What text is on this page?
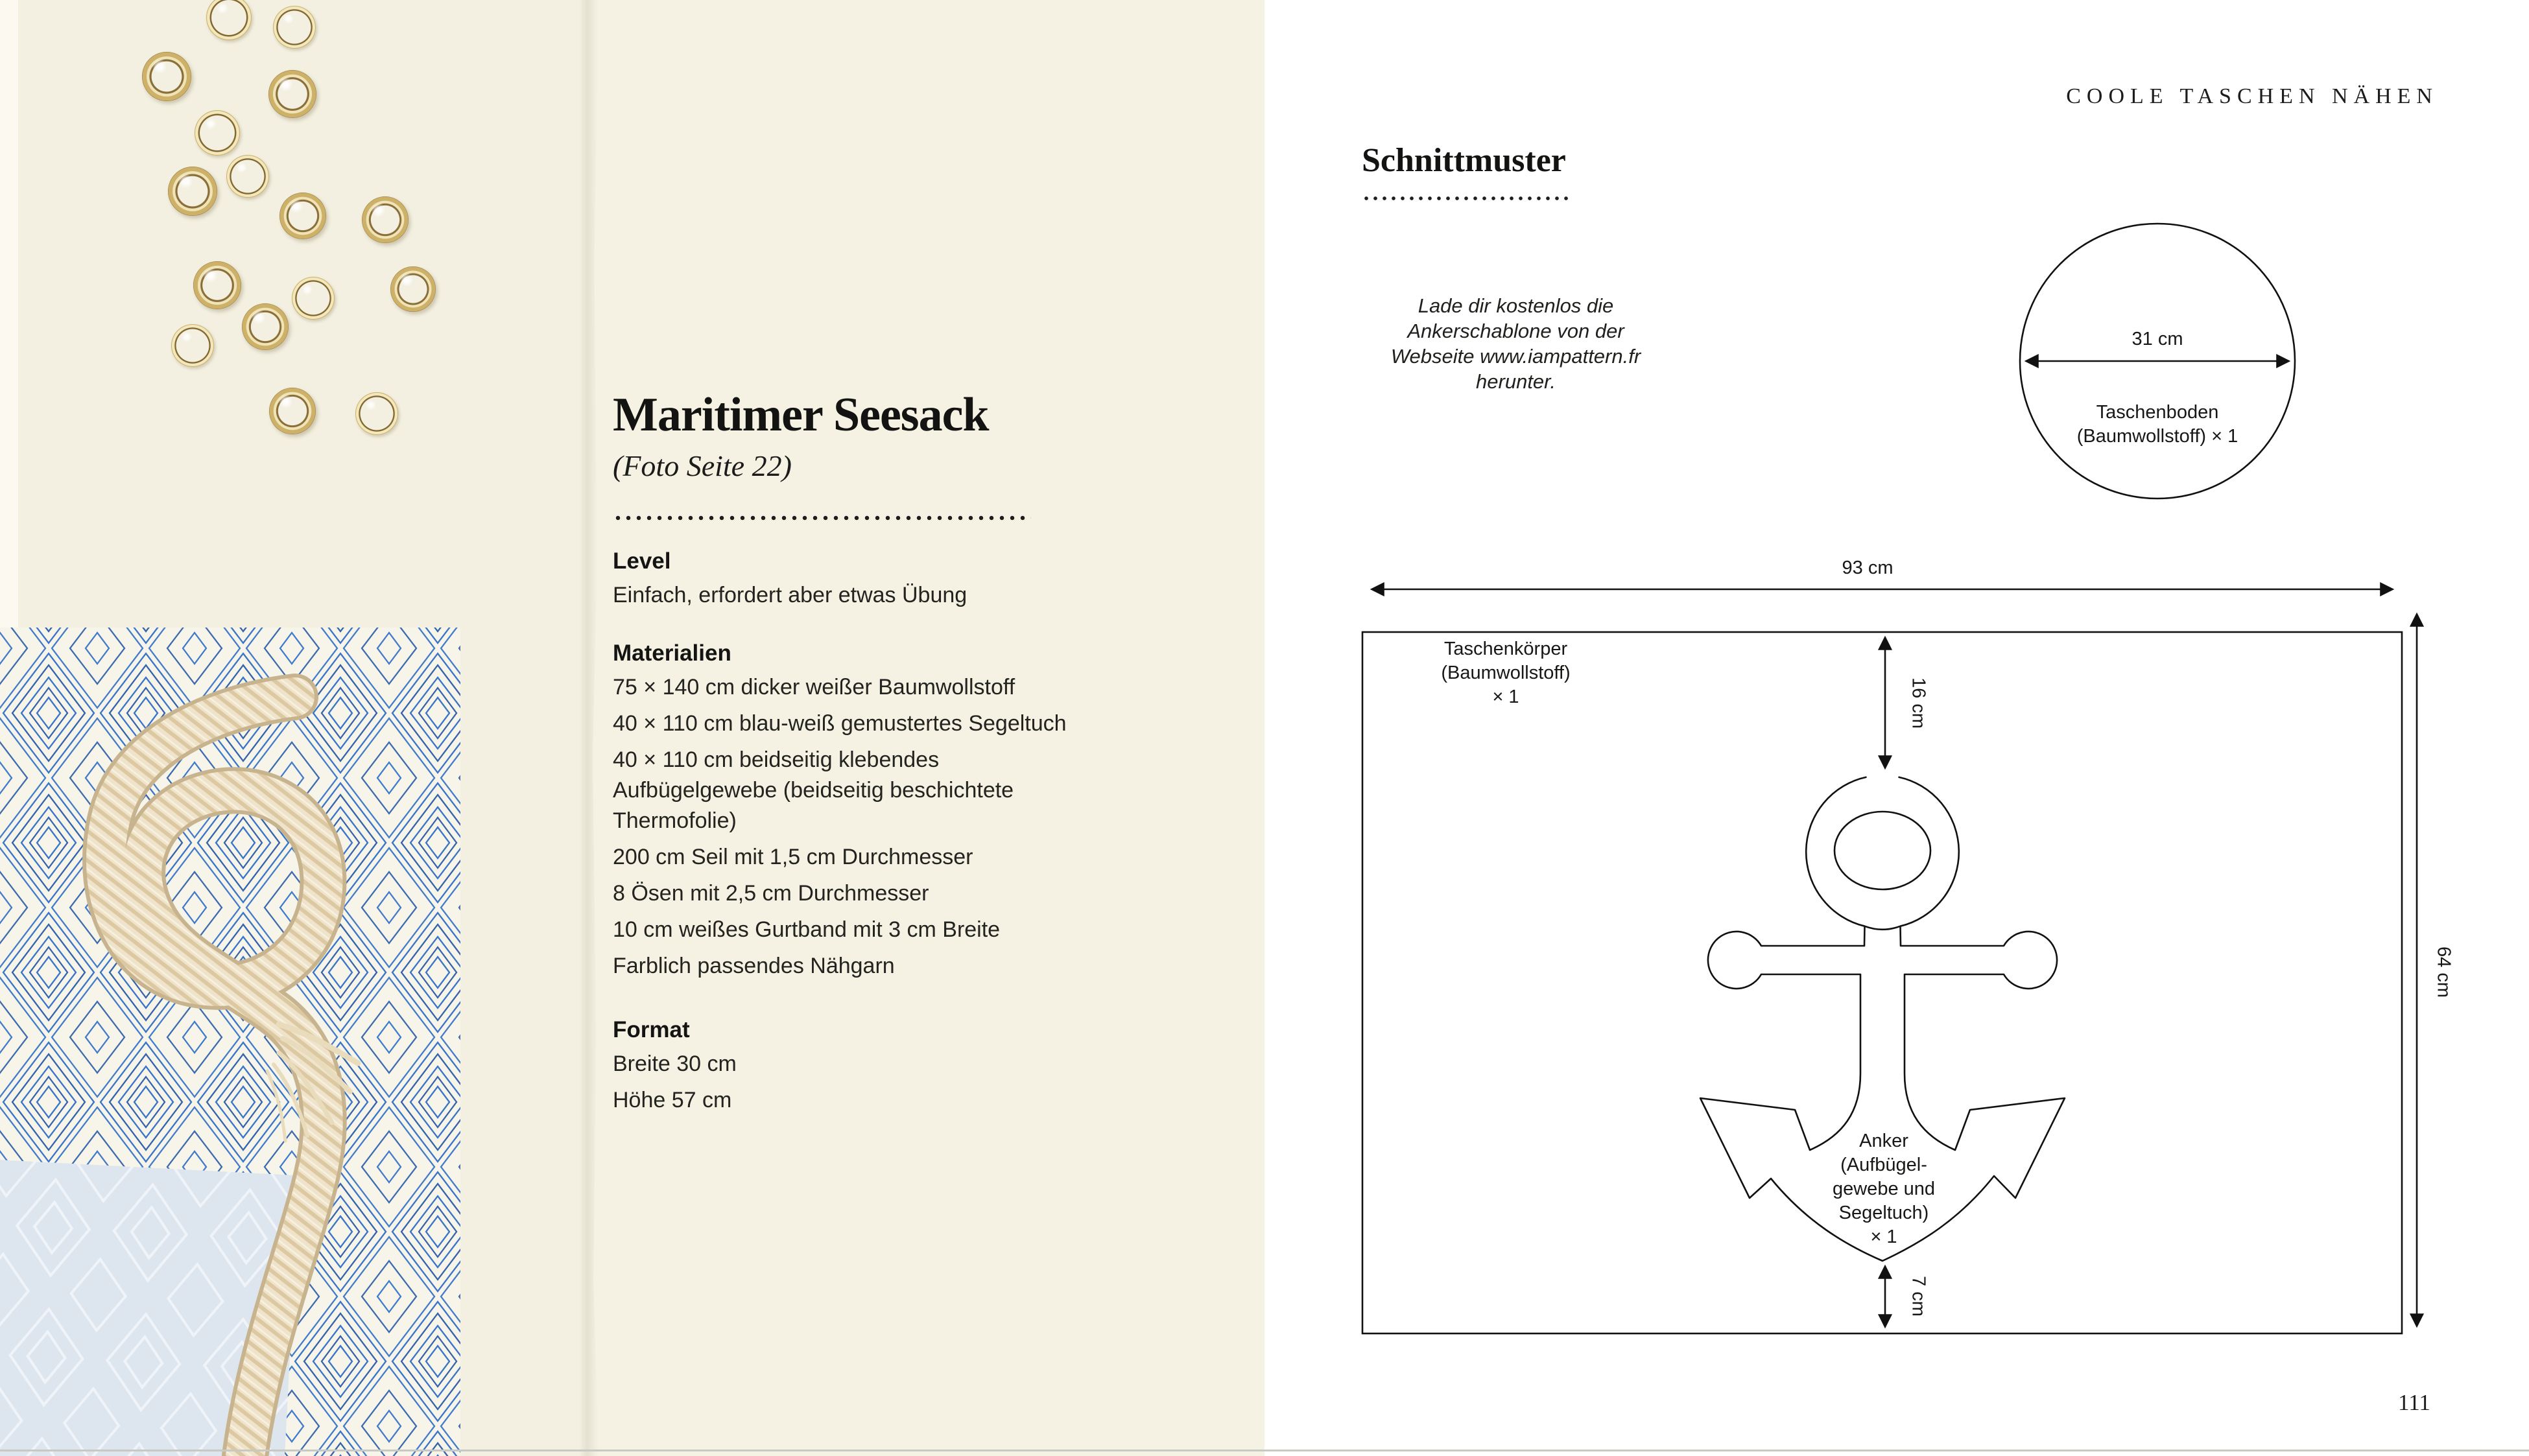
Maritimer Seesack
(Foto Seite 22)
Level
Einfach, erfordert aber etwas Übung
Materialien
75 × 140 cm dicker weißer Baumwollstoff
40 × 110 cm blau-weiß gemustertes Segeltuch
40 × 110 cm beidseitig klebendes Aufbügelgewebe (beidseitig beschichtete Thermofolie)
200 cm Seil mit 1,5 cm Durchmesser
8 Ösen mit 2,5 cm Durchmesser
10 cm weißes Gurtband mit 3 cm Breite
Farblich passendes Nähgarn
Format
Breite 30 cm
Höhe 57 cm
COOLE TASCHEN NÄHEN
Schnittmuster
Lade dir kostenlos die
Ankerschablone von der
Webseite www.iampattern.fr
herunter.
31 cm
Taschenboden
(Baumwollstoff) × 1
93 cm
64 cm
16 cm
7 cm
Taschenkörper
(Baumwollstoff)
× 1
Anker
(Aufbügel-
gewebe und
Segeltuch)
× 1
111
